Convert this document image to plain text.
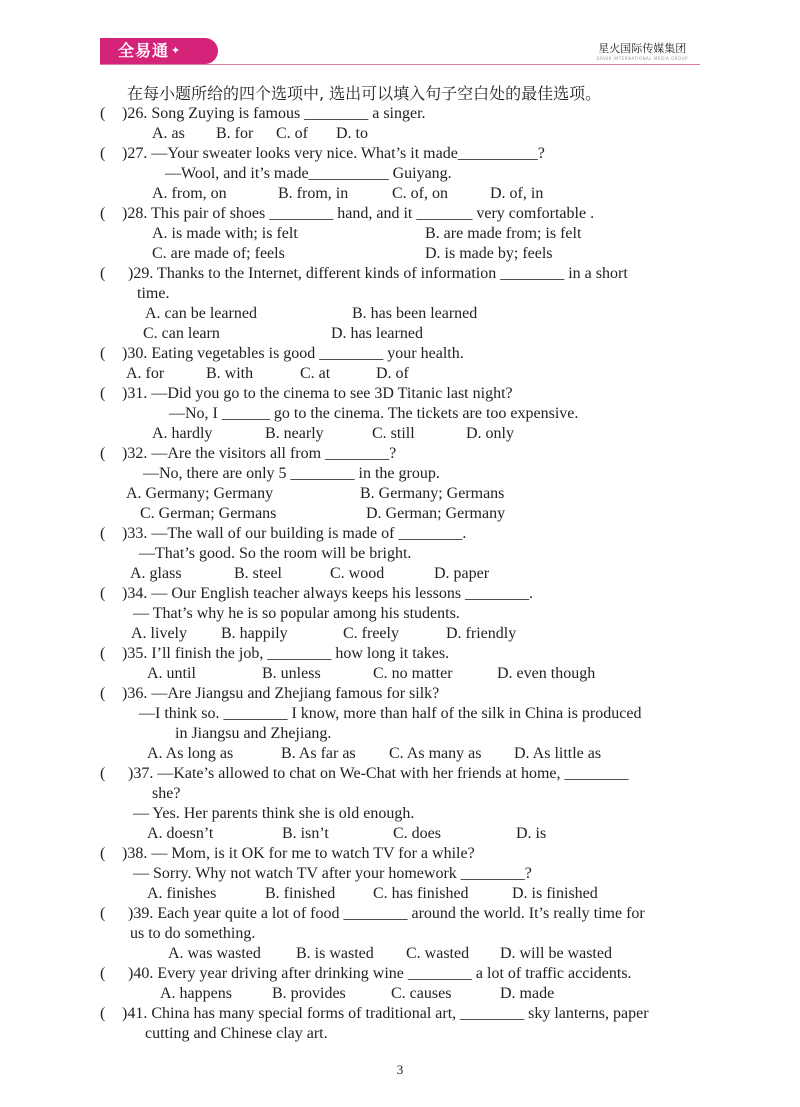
全易通 ✦	星火国际传媒集团
SPARK INTERNATIONAL MEDIA GROUP
在每小题所给的四个选项中, 选出可以填入句子空白处的最佳选项。
(	)26. Song Zuying is famous ________ a singer.
A. as B. for C. of D. to
(	)27. —Your sweater looks very nice. What’s it made__________?
—Wool, and it’s made__________ Guiyang.
A. from, on	B. from, in	C. of, on	D. of, in
(	)28. This pair of shoes ________ hand, and it _______ very comfortable .
A. is made with; is felt	B. are made from; is felt
C. are made of; feels	D. is made by; feels
(	)29. Thanks to the Internet, different kinds of information ________ in a short
time.
A. can be learned	B. has been learned
C. can learn	D. has learned
(	)30. Eating vegetables is good ________ your health.
A. for	B. with	C. at	D. of
(	)31. —Did you go to the cinema to see 3D Titanic last night?
—No, I ______ go to the cinema. The tickets are too expensive.
A. hardly	B. nearly	C. still	D. only
(	)32. —Are the visitors all from ________?
—No, there are only 5 ________ in the group.
A. Germany; Germany	B. Germany; Germans
C. German; Germans	D. German; Germany
(	)33. —The wall of our building is made of ________.
—That’s good. So the room will be bright.
A. glass	B. steel	C. wood	D. paper
(	)34. — Our English teacher always keeps his lessons ________.
— That’s why he is so popular among his students.
A. lively B. happily	C. freely	D. friendly
(	)35. I’ll finish the job, ________ how long it takes.
A. until	B. unless	C. no matter	D. even though
(	)36. —Are Jiangsu and Zhejiang famous for silk?
—I think so. ________ I know, more than half of the silk in China is produced
in Jiangsu and Zhejiang.
A. As long as	B. As far as C. As many as D. As little as
(	)37. —Kate’s allowed to chat on We-Chat with her friends at home, ________
she?
— Yes. Her parents think she is old enough.
A. doesn’t	B. isn’t	C. does	D. is
(	)38. — Mom, is it OK for me to watch TV for a while?
— Sorry. Why not watch TV after your homework ________?
A. finishes	B. finished C. has finished	D. is finished
(	)39. Each year quite a lot of food ________ around the world. It’s really time for
us to do something.
A. was wasted B. is wasted C. wasted D. will be wasted
(	)40. Every year driving after drinking wine ________ a lot of traffic accidents.
A. happens	B. provides	C. causes	D. made
(	)41. China has many special forms of traditional art, ________ sky lanterns, paper
cutting and Chinese clay art.
3
